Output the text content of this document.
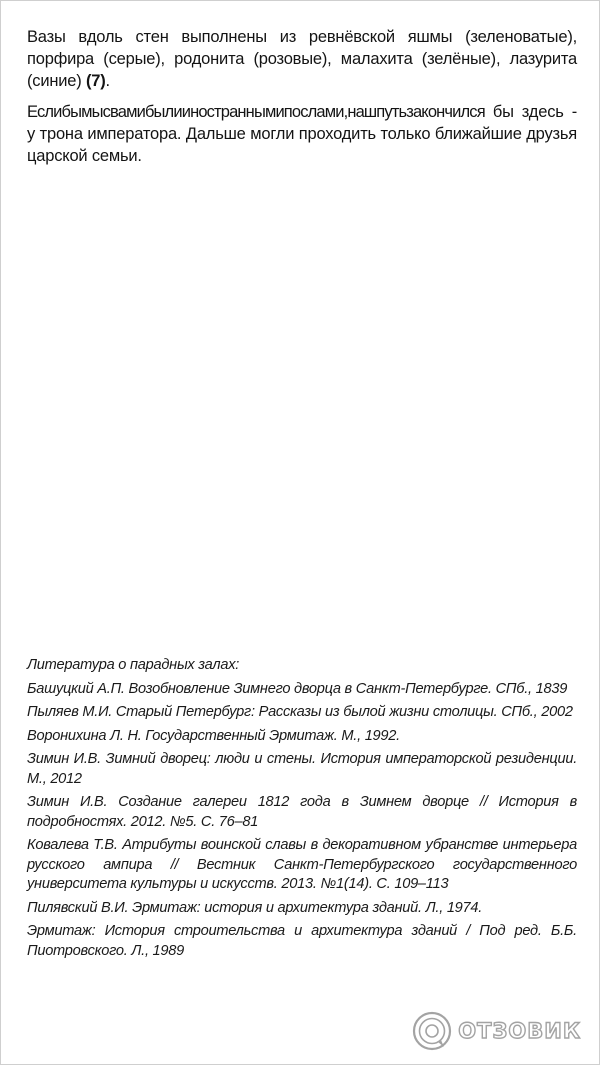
Вазы вдоль стен выполнены из ревнёвской яшмы (зеленоватые), порфира (серые), родонита (розовые), малахита (зелёные), лазурита (синие) (7).

Еслибымысвамибылииностраннымипослами,нашпутьзакончился бы здесь - у трона императора. Дальше могли проходить только ближайшие друзья царской семьи.

Литература о парадных залах:
Башуцкий А.П. Возобновление Зимнего дворца в Санкт-Петербурге. СПб., 1839
Пыляев М.И. Старый Петербург: Рассказы из былой жизни столицы. СПб., 2002
Воронихина Л. Н. Государственный Эрмитаж. М., 1992.
Зимин И.В. Зимний дворец: люди и стены. История императорской резиденции. М., 2012
Зимин И.В. Создание галереи 1812 года в Зимнем дворце // История в подробностях. 2012. №5. С. 76–81
Ковалева Т.В. Атрибуты воинской славы в декоративном убранстве интерьера русского ампира // Вестник Санкт-Петербургского государственного университета культуры и искусств. 2013. №1(14). С. 109–113
Пилявский В.И. Эрмитаж: история и архитектура зданий. Л., 1974.
Эрмитаж: История строительства и архитектура зданий / Под ред. Б.Б. Пиотровского. Л., 1989
ОТЗОВИК
